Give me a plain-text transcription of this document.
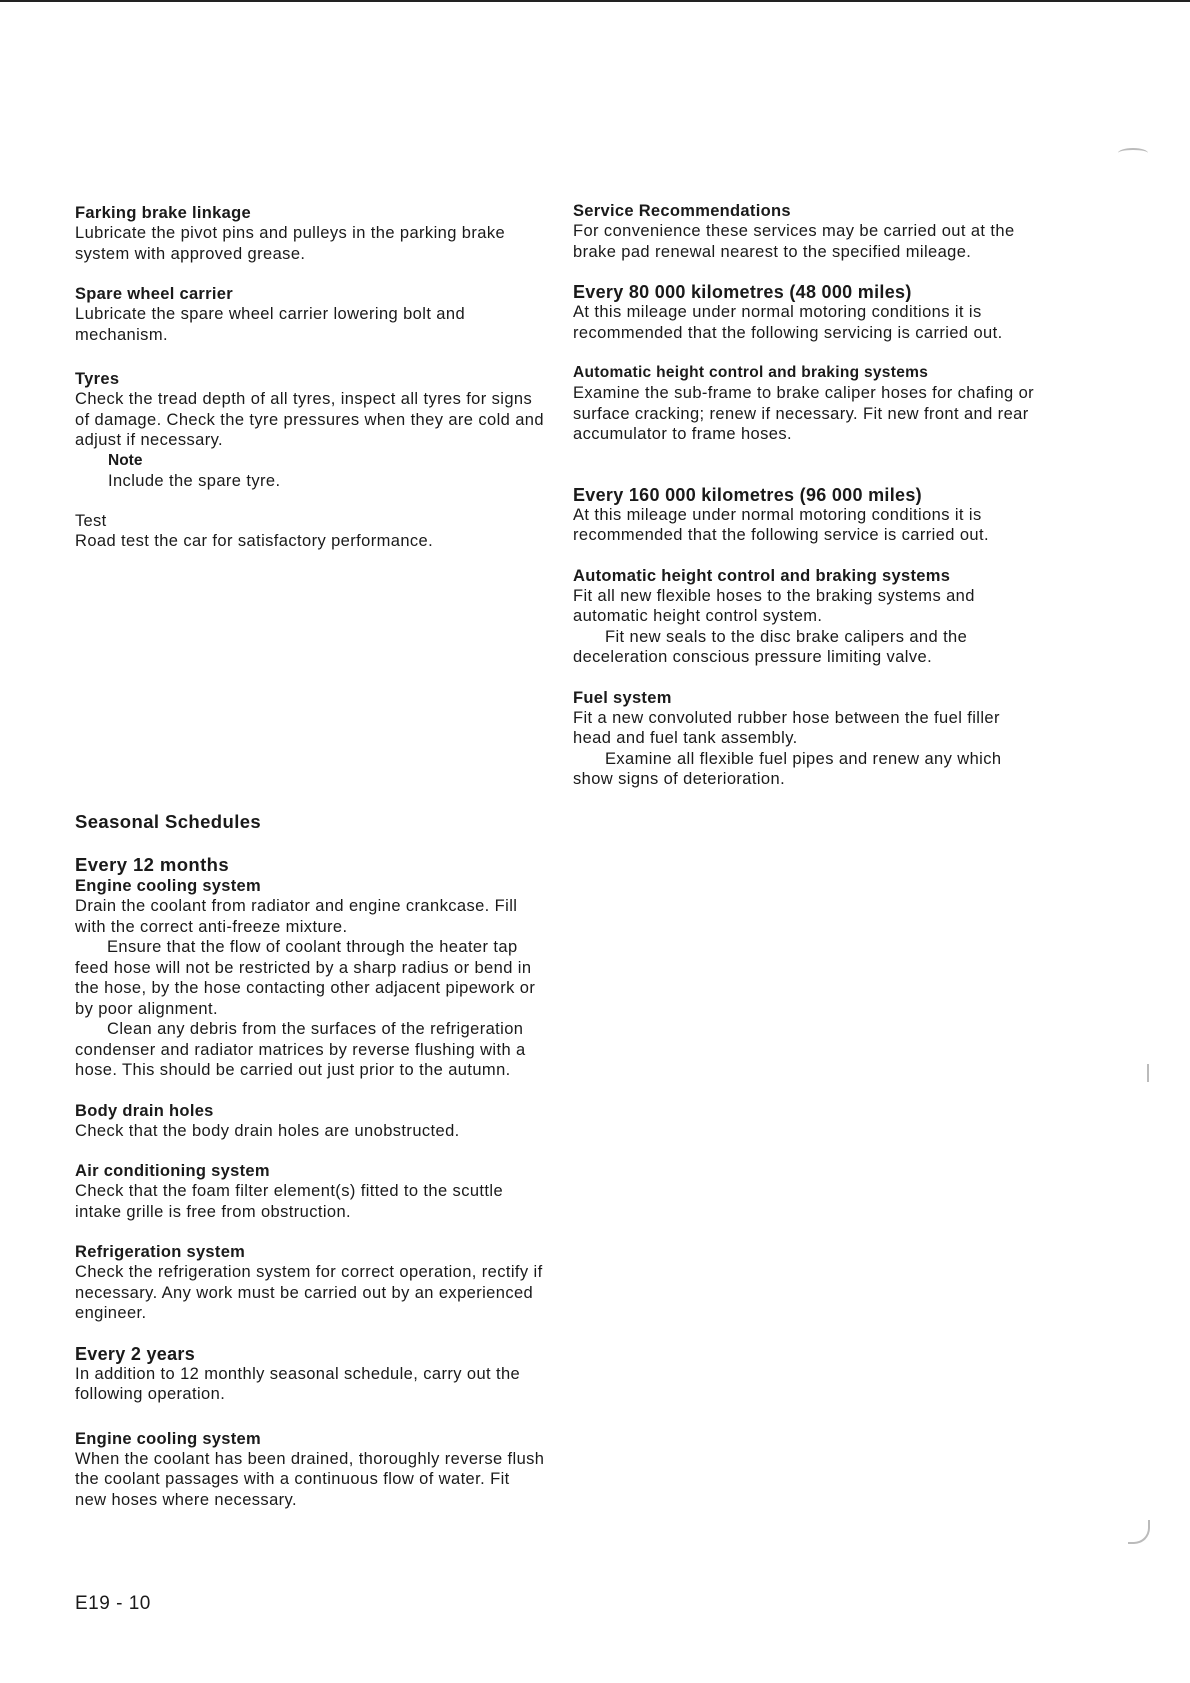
Farking brake linkage

Lubricate the pivot pins and pulleys in the parking brake system with approved grease.

Spare wheel carrier

Lubricate the spare wheel carrier lowering bolt and mechanism.

Tyres

Check the tread depth of all tyres, inspect all tyres for signs of damage. Check the tyre pressures when they are cold and adjust if necessary.

Note

Include the spare tyre.

Test

Road test the car for satisfactory performance.

Seasonal Schedules
Every 12 months
Engine cooling system

Drain the coolant from radiator and engine crankcase. Fill with the correct anti-freeze mixture.

Ensure that the flow of coolant through the heater tap feed hose will not be restricted by a sharp radius or bend in the hose, by the hose contacting other adjacent pipework or by poor alignment.

Clean any debris from the surfaces of the refrigeration condenser and radiator matrices by reverse flushing with a hose. This should be carried out just prior to the autumn.

Body drain holes

Check that the body drain holes are unobstructed.

Air conditioning system

Check that the foam filter element(s) fitted to the scuttle intake grille is free from obstruction.

Refrigeration system

Check the refrigeration system for correct operation, rectify if necessary. Any work must be carried out by an experienced engineer.

Every 2 years

In addition to 12 monthly seasonal schedule, carry out the following operation.

Engine cooling system

When the coolant has been drained, thoroughly reverse flush the coolant passages with a continuous flow of water. Fit new hoses where necessary.

Service Recommendations

For convenience these services may be carried out at the brake pad renewal nearest to the specified mileage.

Every 80 000 kilometres (48 000 miles)

At this mileage under normal motoring conditions it is recommended that the following servicing is carried out.

Automatic height control and braking systems

Examine the sub-frame to brake caliper hoses for chafing or surface cracking; renew if necessary. Fit new front and rear accumulator to frame hoses.

Every 160 000 kilometres (96 000 miles)

At this mileage under normal motoring conditions it is recommended that the following service is carried out.

Automatic height control and braking systems

Fit all new flexible hoses to the braking systems and automatic height control system.

Fit new seals to the disc brake calipers and the deceleration conscious pressure limiting valve.

Fuel system

Fit a new convoluted rubber hose between the fuel filler head and fuel tank assembly.

Examine all flexible fuel pipes and renew any which show signs of deterioration.

E19 - 10
